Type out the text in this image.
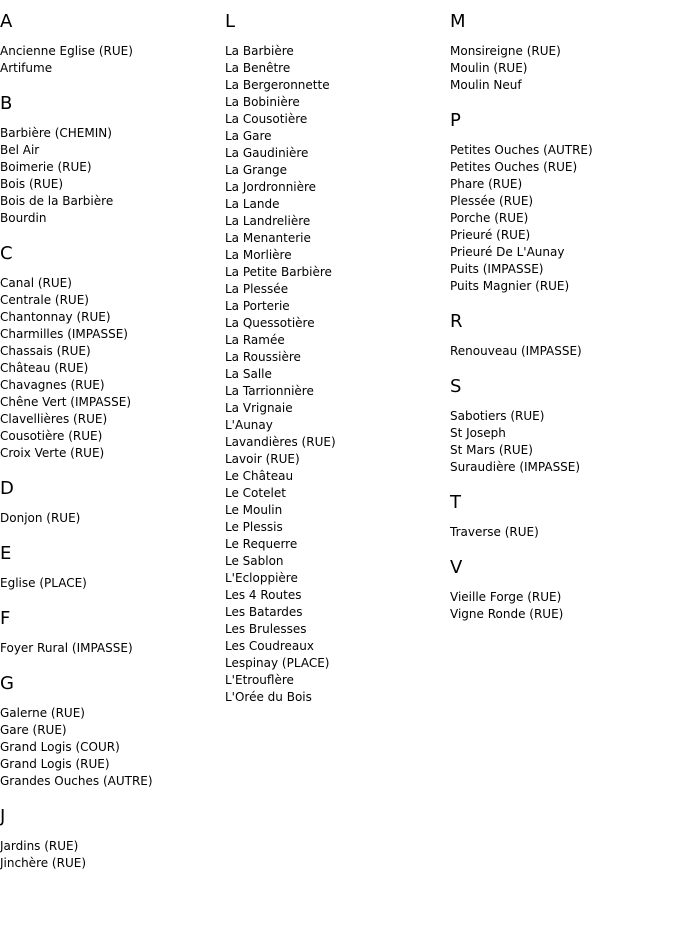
A
Ancienne Eglise (RUE)
Artifume
B
Barbière (CHEMIN)
Bel Air
Boimerie (RUE)
Bois (RUE)
Bois de la Barbière
Bourdin
C
Canal (RUE)
Centrale (RUE)
Chantonnay (RUE)
Charmilles (IMPASSE)
Chassais (RUE)
Château (RUE)
Chavagnes (RUE)
Chêne Vert (IMPASSE)
Clavellières (RUE)
Cousotière (RUE)
Croix Verte (RUE)
D
Donjon (RUE)
E
Eglise (PLACE)
F
Foyer Rural (IMPASSE)
G
Galerne (RUE)
Gare (RUE)
Grand Logis (COUR)
Grand Logis (RUE)
Grandes Ouches (AUTRE)
J
Jardins (RUE)
Jinchère (RUE)
L
La Barbière
La Benêtre
La Bergeronnette
La Bobinière
La Cousotière
La Gare
La Gaudinière
La Grange
La Jordronnière
La Lande
La Landrelière
La Menanterie
La Morlière
La Petite Barbière
La Plessée
La Porterie
La Quessotière
La Ramée
La Roussière
La Salle
La Tarrionnière
La Vrignaie
L'Aunay
Lavandières (RUE)
Lavoir (RUE)
Le Château
Le Cotelet
Le Moulin
Le Plessis
Le Requerre
Le Sablon
L'Ecloppière
Les 4 Routes
Les Batardes
Les Brulesses
Les Coudreaux
Lespinay (PLACE)
L'Etrouflère
L'Orée du Bois
M
Monsireigne (RUE)
Moulin (RUE)
Moulin Neuf
P
Petites Ouches (AUTRE)
Petites Ouches (RUE)
Phare (RUE)
Plessée (RUE)
Porche (RUE)
Prieuré (RUE)
Prieuré De L'Aunay
Puits (IMPASSE)
Puits Magnier (RUE)
R
Renouveau (IMPASSE)
S
Sabotiers (RUE)
St Joseph
St Mars (RUE)
Suraudière (IMPASSE)
T
Traverse (RUE)
V
Vieille Forge (RUE)
Vigne Ronde (RUE)
